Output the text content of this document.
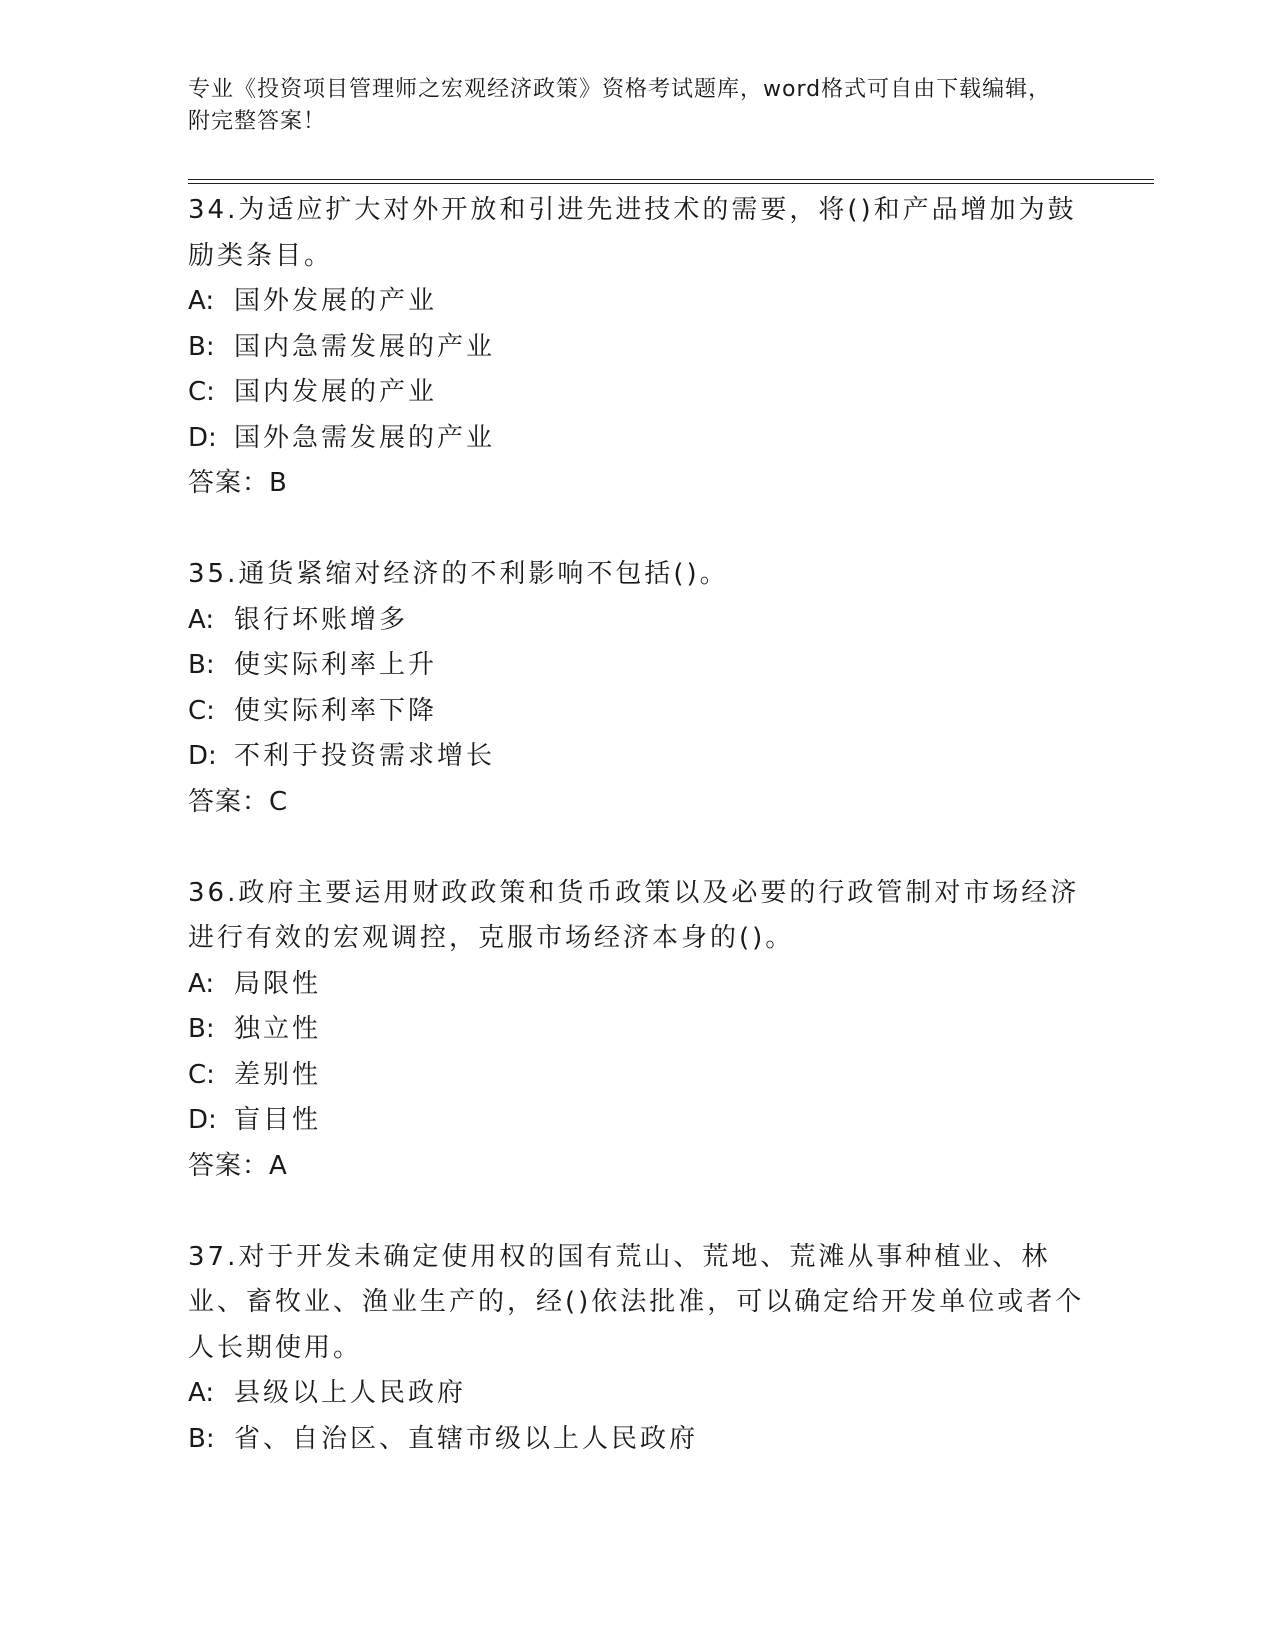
专业《投资项目管理师之宏观经济政策》资格考试题库，word格式可自由下载编辑，附完整答案！
34.为适应扩大对外开放和引进先进技术的需要，将()和产品增加为鼓励类条目。
A: 国外发展的产业
B: 国内急需发展的产业
C: 国内发展的产业
D: 国外急需发展的产业
答案：B
35.通货紧缩对经济的不利影响不包括()。
A: 银行坏账增多
B: 使实际利率上升
C: 使实际利率下降
D: 不利于投资需求增长
答案：C
36.政府主要运用财政政策和货币政策以及必要的行政管制对市场经济进行有效的宏观调控，克服市场经济本身的()。
A: 局限性
B: 独立性
C: 差别性
D: 盲目性
答案：A
37.对于开发未确定使用权的国有荒山、荒地、荒滩从事种植业、林业、畜牧业、渔业生产的，经()依法批准，可以确定给开发单位或者个人长期使用。
A: 县级以上人民政府
B: 省、自治区、直辖市级以上人民政府
